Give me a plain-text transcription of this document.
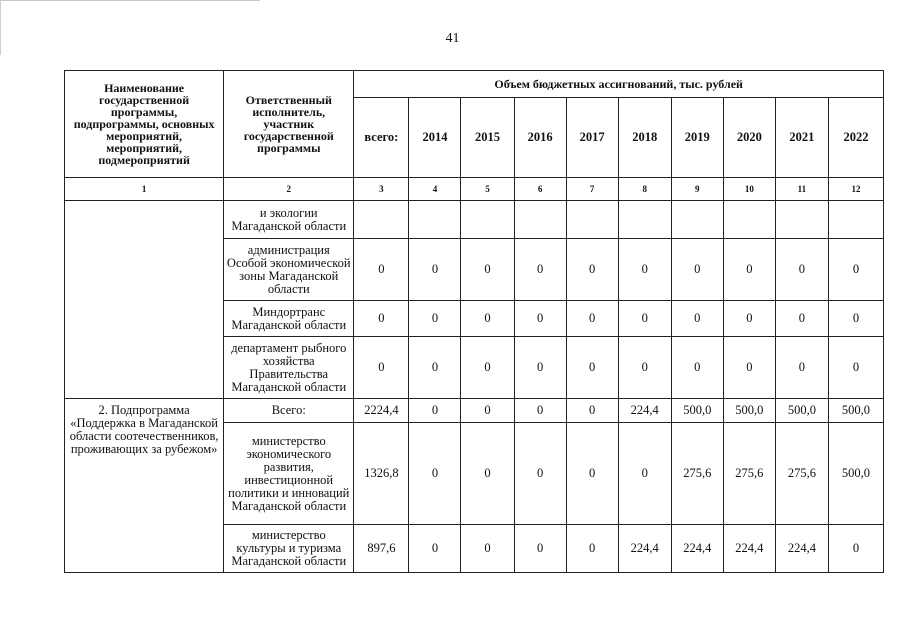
41
Наименование государственной программы, подпрограммы, основных мероприятий, мероприятий, подмероприятий	Ответственный исполнитель, участник государственной программы	Объем бюджетных ассигнований, тыс. рублей									
		всего:	2014	2015	2016	2017	2018	2019	2020	2021	2022
1	2	3	4	5	6	7	8	9	10	11	12
	и экологии Магаданской области										
	администрация Особой экономической зоны Магаданской области	0	0	0	0	0	0	0	0	0	0
	Миндортранс Магаданской области	0	0	0	0	0	0	0	0	0	0
	департамент рыбного хозяйства Правительства Магаданской области	0	0	0	0	0	0	0	0	0	0
2. Подпрограмма «Поддержка в Магаданской области соотечественников, проживающих за рубежом»	Всего:	2224,4	0	0	0	0	224,4	500,0	500,0	500,0	500,0
	министерство экономического развития, инвестиционной политики и инноваций Магаданской области	1326,8	0	0	0	0	0	275,6	275,6	275,6	500,0
	министерство культуры и туризма Магаданской области	897,6	0	0	0	0	224,4	224,4	224,4	224,4	0
